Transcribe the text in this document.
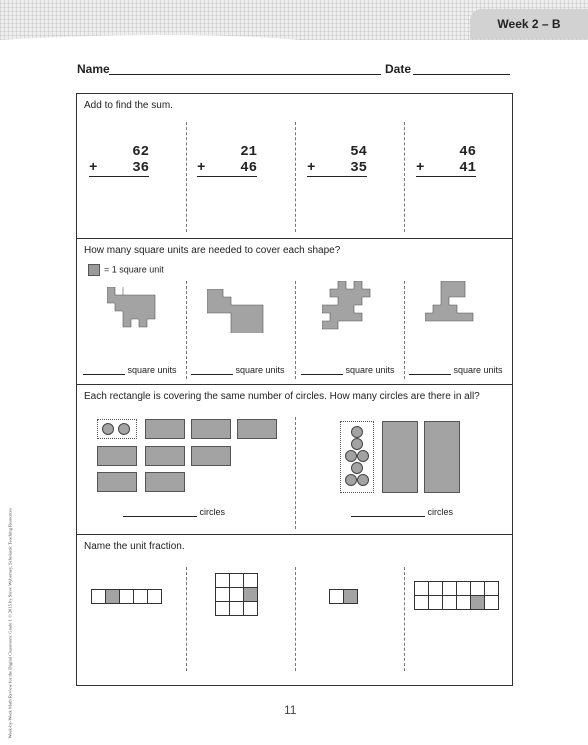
Week 2 – B
Name	Date
Add to find the sum.
62
+ 36
21
+ 46
54
+ 35
46
+ 41
How many square units are needed to cover each shape?
= 1 square unit
square units	square units	square units	square units
Each rectangle is covering the same number of circles. How many circles are there in all?
circles	circles
Name the unit fraction.
11
Week-by-Week Math Review for the Digital Classroom: Grade 1 © 2015 by Steve Wyborney, Scholastic Teaching Resources
